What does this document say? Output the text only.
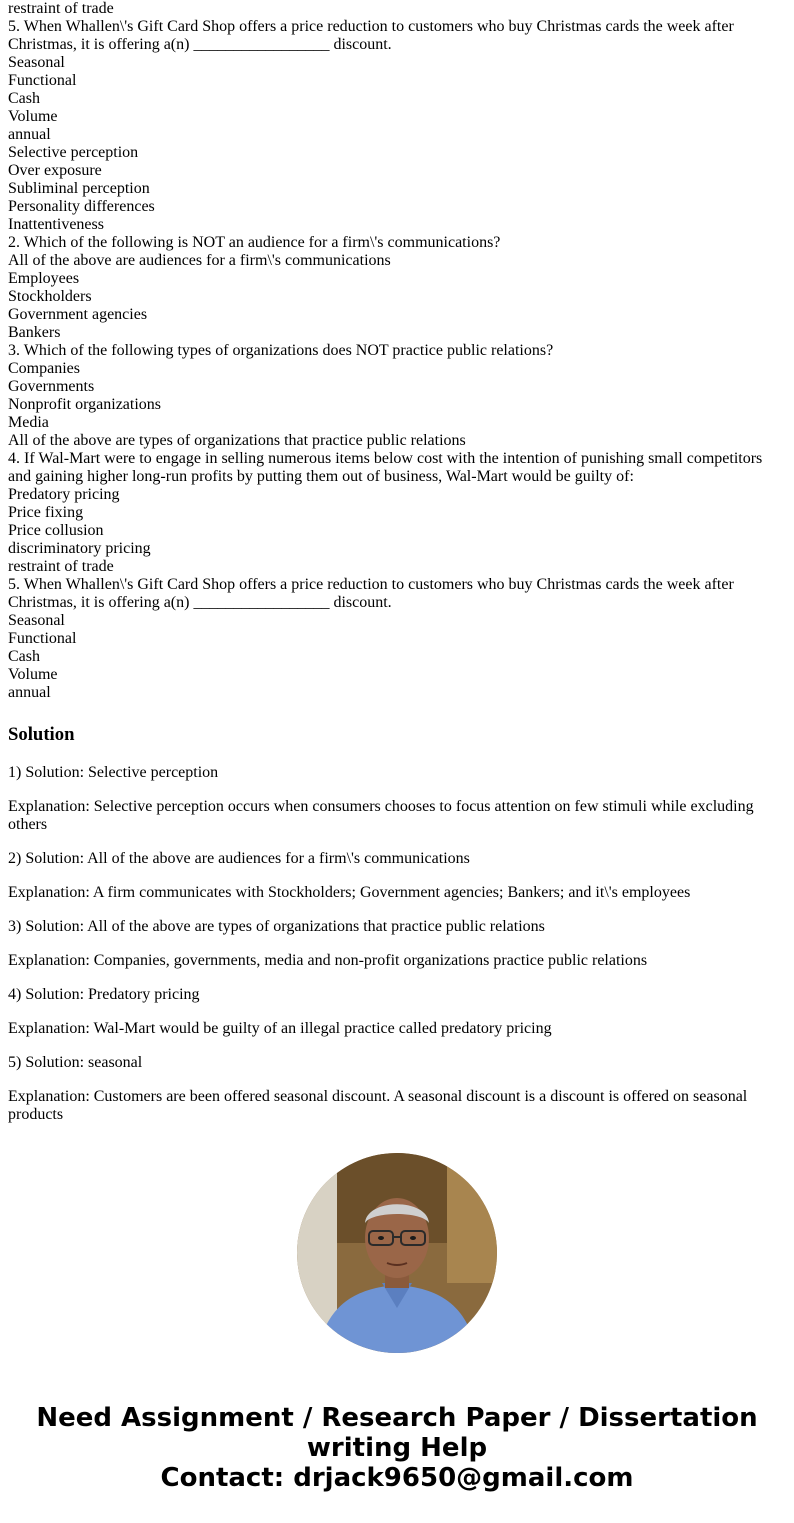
restraint of trade
5. When Whallen\'s Gift Card Shop offers a price reduction to customers who buy Christmas cards the week after Christmas, it is offering a(n) _________________ discount.
Seasonal
Functional
Cash
Volume
annual
Selective perception
Over exposure
Subliminal perception
Personality differences
Inattentiveness
2. Which of the following is NOT an audience for a firm\'s communications?
All of the above are audiences for a firm\'s communications
Employees
Stockholders
Government agencies
Bankers
3. Which of the following types of organizations does NOT practice public relations?
Companies
Governments
Nonprofit organizations
Media
All of the above are types of organizations that practice public relations
4. If Wal-Mart were to engage in selling numerous items below cost with the intention of punishing small competitors and gaining higher long-run profits by putting them out of business, Wal-Mart would be guilty of:
Predatory pricing
Price fixing
Price collusion
discriminatory pricing
restraint of trade
5. When Whallen\'s Gift Card Shop offers a price reduction to customers who buy Christmas cards the week after Christmas, it is offering a(n) _________________ discount.
Seasonal
Functional
Cash
Volume
annual
Solution

1) Solution: Selective perception

Explanation: Selective perception occurs when consumers chooses to focus attention on few stimuli while excluding others

2) Solution: All of the above are audiences for a firm\'s communications

Explanation: A firm communicates with Stockholders; Government agencies; Bankers; and it\'s employees

3) Solution: All of the above are types of organizations that practice public relations

Explanation: Companies, governments, media and non-profit organizations practice public relations

4) Solution: Predatory pricing

Explanation: Wal-Mart would be guilty of an illegal practice called predatory pricing

5) Solution: seasonal

Explanation: Customers are been offered seasonal discount. A seasonal discount is a discount is offered on seasonal products

Need Assignment / Research Paper / Dissertation
writing Help
Contact: drjack9650@gmail.com
